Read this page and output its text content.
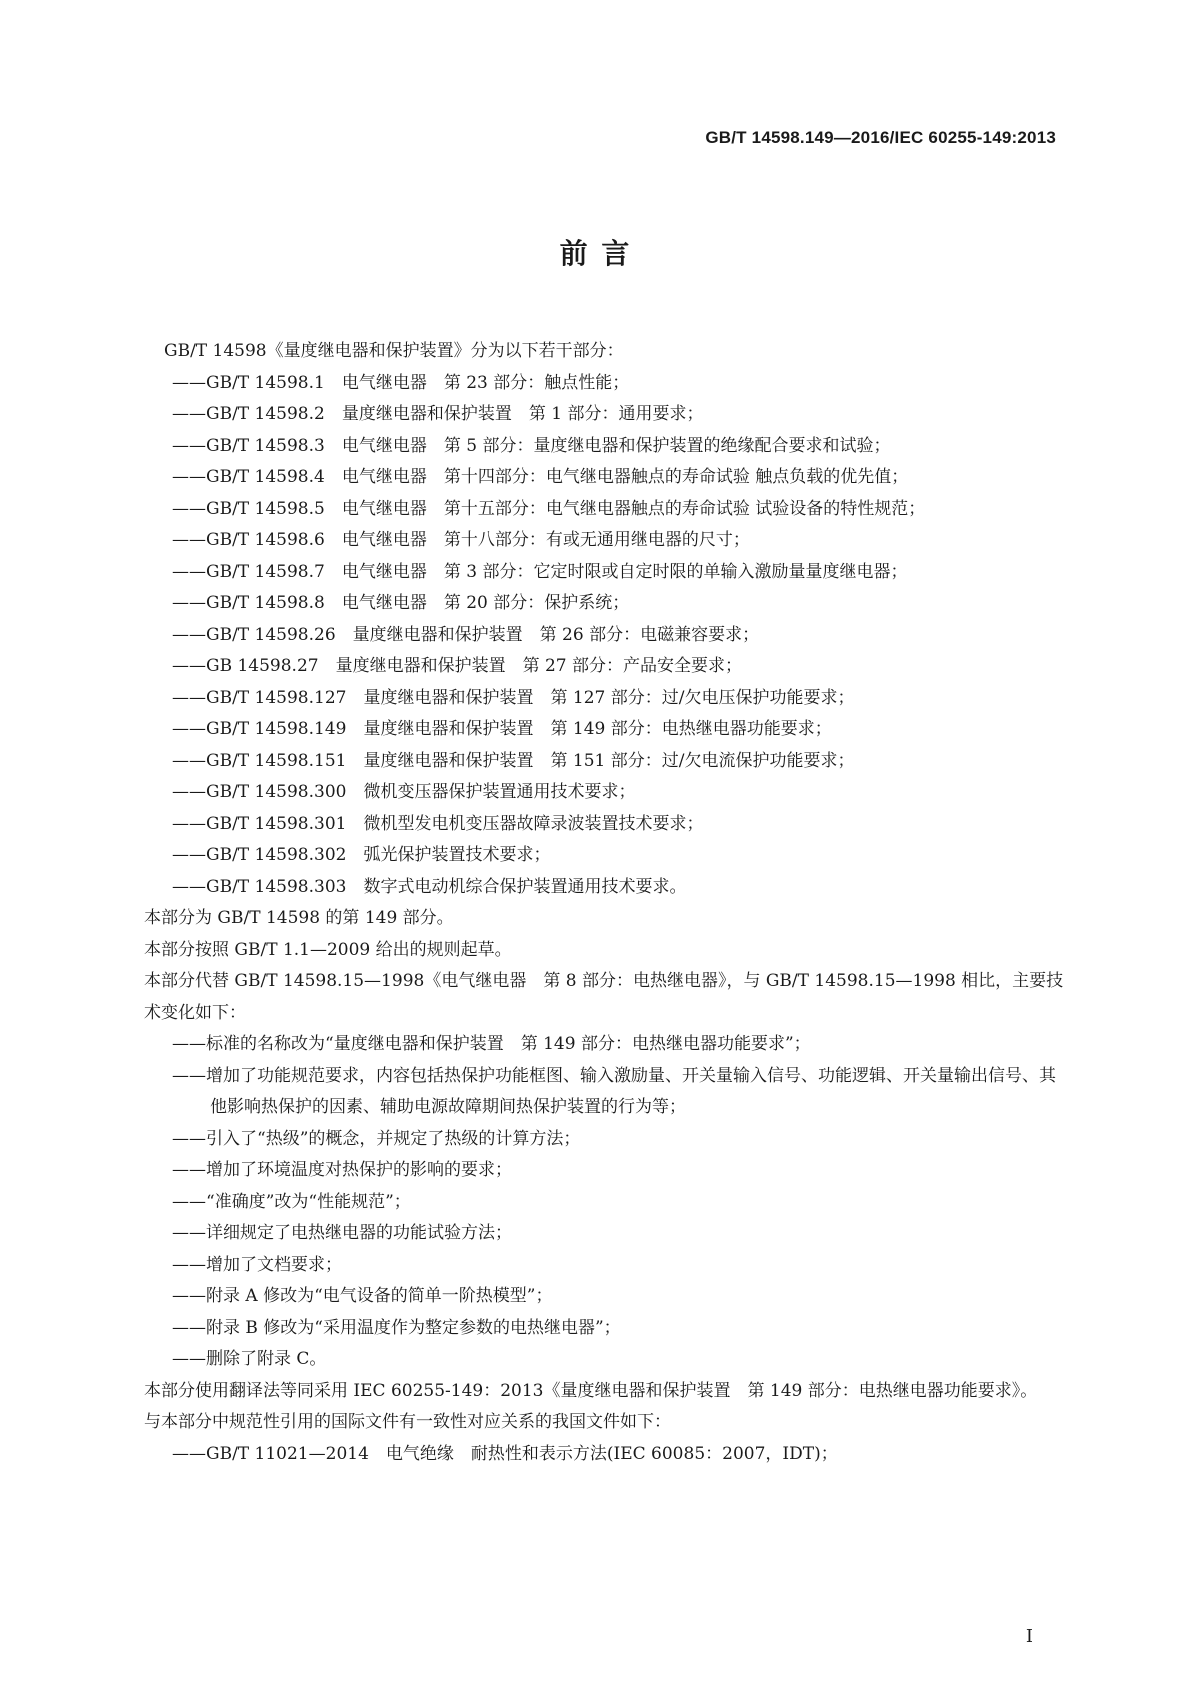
GB/T 14598.149—2016/IEC 60255-149:2013
前 言

GB/T 14598《量度继电器和保护装置》分为以下若干部分：

——GB/T 14598.1　电气继电器　第 23 部分：触点性能；

——GB/T 14598.2　量度继电器和保护装置　第 1 部分：通用要求；

——GB/T 14598.3　电气继电器　第 5 部分：量度继电器和保护装置的绝缘配合要求和试验；

——GB/T 14598.4　电气继电器　第十四部分：电气继电器触点的寿命试验 触点负载的优先值；

——GB/T 14598.5　电气继电器　第十五部分：电气继电器触点的寿命试验 试验设备的特性规范；

——GB/T 14598.6　电气继电器　第十八部分：有或无通用继电器的尺寸；

——GB/T 14598.7　电气继电器　第 3 部分：它定时限或自定时限的单输入激励量量度继电器；

——GB/T 14598.8　电气继电器　第 20 部分：保护系统；

——GB/T 14598.26　量度继电器和保护装置　第 26 部分：电磁兼容要求；

——GB 14598.27　量度继电器和保护装置　第 27 部分：产品安全要求；

——GB/T 14598.127　量度继电器和保护装置　第 127 部分：过/欠电压保护功能要求；

——GB/T 14598.149　量度继电器和保护装置　第 149 部分：电热继电器功能要求；

——GB/T 14598.151　量度继电器和保护装置　第 151 部分：过/欠电流保护功能要求；

——GB/T 14598.300　微机变压器保护装置通用技术要求；

——GB/T 14598.301　微机型发电机变压器故障录波装置技术要求；

——GB/T 14598.302　弧光保护装置技术要求；

——GB/T 14598.303　数字式电动机综合保护装置通用技术要求。

本部分为 GB/T 14598 的第 149 部分。

本部分按照 GB/T 1.1—2009 给出的规则起草。

本部分代替 GB/T 14598.15—1998《电气继电器　第 8 部分：电热继电器》，与 GB/T 14598.15—1998 相比，主要技术变化如下：

——标准的名称改为“量度继电器和保护装置　第 149 部分：电热继电器功能要求”；

——增加了功能规范要求，内容包括热保护功能框图、输入激励量、开关量输入信号、功能逻辑、开关量输出信号、其他影响热保护的因素、辅助电源故障期间热保护装置的行为等；

——引入了“热级”的概念，并规定了热级的计算方法；

——增加了环境温度对热保护的影响的要求；

——“准确度”改为“性能规范”；

——详细规定了电热继电器的功能试验方法；

——增加了文档要求；

——附录 A 修改为“电气设备的简单一阶热模型”；

——附录 B 修改为“采用温度作为整定参数的电热继电器”；

——删除了附录 C。

本部分使用翻译法等同采用 IEC 60255-149：2013《量度继电器和保护装置　第 149 部分：电热继电器功能要求》。

与本部分中规范性引用的国际文件有一致性对应关系的我国文件如下：

——GB/T 11021—2014　电气绝缘　耐热性和表示方法(IEC 60085：2007，IDT)；

I
